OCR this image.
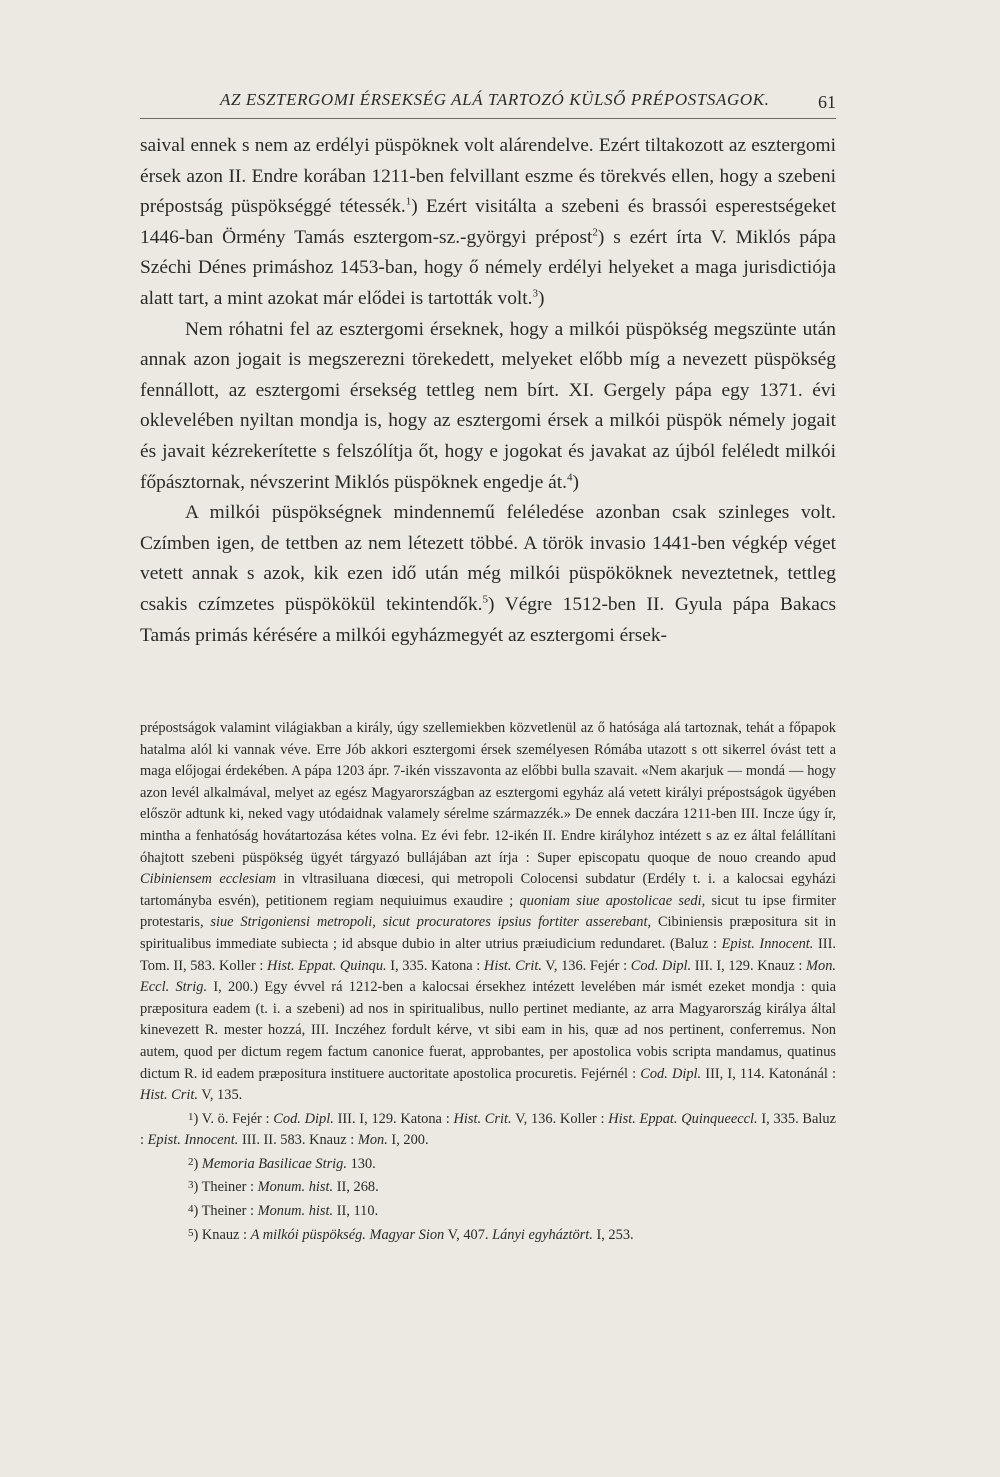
AZ ESZTERGOMI ÉRSEKSÉG ALÁ TARTOZÓ KÜLSŐ PRÉPOSTSAGOK.	61

saival ennek s nem az erdélyi püspöknek volt alárendelve. Ezért tiltakozott az esztergomi érsek azon II. Endre korában 1211-ben felvillant eszme és törekvés ellen, hogy a szebeni prépostság püspökséggé tétessék.$^1$) Ezért visitálta a szebeni és brassói esperestségeket 1446-ban Örmény Tamás esztergom-sz.-györgyi prépost$^2$) s ezért írta V. Miklós pápa Széchi Dénes primáshoz 1453-ban, hogy ő némely erdélyi helyeket a maga jurisdictiója alatt tart, a mint azokat már elődei is tartották volt.$^3$)

Nem róhatni fel az esztergomi érseknek, hogy a milkói püspökség megszünte után annak azon jogait is megszerezni törekedett, melyeket előbb míg a nevezett püspökség fennállott, az esztergomi érsekség tettleg nem bírt. XI. Gergely pápa egy 1371. évi oklevelében nyiltan mondja is, hogy az esztergomi érsek a milkói püspök némely jogait és javait kézrekerítette s felszólítja őt, hogy e jogokat és javakat az újból feléledt milkói főpásztornak, névszerint Miklós püspöknek engedje át.$^4$)

A milkói püspökségnek mindennemű feléledése azonban csak szinleges volt. Czímben igen, de tettben az nem létezett többé. A török invasio 1441-ben végkép véget vetett annak s azok, kik ezen idő után még milkói püspököknek neveztetnek, tettleg csakis czímzetes püspökökül tekintendők.$^5$) Végre 1512-ben II. Gyula pápa Bakacs Tamás primás kérésére a milkói egyházmegyét az esztergomi érsek-

prépostságok valamint világiakban a király, úgy szellemiekben közvetlenül az ő hatósága alá tartoznak, tehát a főpapok hatalma alól ki vannak véve. Erre Jób akkori esztergomi érsek személyesen Rómába utazott s ott sikerrel óvást tett a maga előjogai érdekében. A pápa 1203 ápr. 7-ikén visszavonta az előbbi bulla szavait. «Nem akarjuk — mondá — hogy azon levél alkalmával, melyet az egész Magyarországban az esztergomi egyház alá vetett királyi prépostságok ügyében először adtunk ki, neked vagy utódaidnak valamely sérelme származzék.» De ennek daczára 1211-ben III. Incze úgy ír, mintha a fenhatóság hovátartozása kétes volna. Ez évi febr. 12-ikén II. Endre királyhoz intézett s az ez által felállítani óhajtott szebeni püspökség ügyét tárgyazó bullájában azt írja : Super episcopatu quoque de nouo creando apud Cibiniensem ecclesiam in vltrasiluana diœcesi, qui metropoli Colocensi subdatur (Erdély t. i. a kalocsai egyházi tartományba esvén), petitionem regiam nequiuimus exaudire ; quoniam siue apostolicae sedi, sicut tu ipse firmiter protestaris, siue Strigoniensi metropoli, sicut procuratores ipsius fortiter asserebant, Cibiniensis præpositura sit in spiritualibus immediate subiecta ; id absque dubio in alter utrius præiudicium redundaret. (Baluz : Epist. Innocent. III. Tom. II, 583. Koller : Hist. Eppat. Quinqu. I, 335. Katona : Hist. Crit. V, 136. Fejér : Cod. Dipl. III. I, 129. Knauz : Mon. Eccl. Strig. I, 200.) Egy évvel rá 1212-ben a kalocsai érsekhez intézett levelében már ismét ezeket mondja : quia præpositura eadem (t. i. a szebeni) ad nos in spiritualibus, nullo pertinet mediante, az arra Magyarország királya által kinevezett R. mester hozzá, III. Inczéhez fordult kérve, vt sibi eam in his, quæ ad nos pertinent, conferremus. Non autem, quod per dictum regem factum canonice fuerat, approbantes, per apostolica vobis scripta mandamus, quatinus dictum R. id eadem præpositura instituere auctoritate apostolica procuretis. Fejérnél : Cod. Dipl. III, I, 114. Katonánál : Hist. Crit. V, 135.

$^1$) V. ö. Fejér : Cod. Dipl. III. I, 129. Katona : Hist. Crit. V, 136. Koller : Hist. Eppat. Quinqueeccl. I, 335. Baluz : Epist. Innocent. III. II. 583. Knauz : Mon. I, 200.

$^2$) Memoria Basilicae Strig. 130.

$^3$) Theiner : Monum. hist. II, 268.

$^4$) Theiner : Monum. hist. II, 110.

$^5$) Knauz : A milkói püspökség. Magyar Sion V, 407. Lányi egyháztört. I, 253.
